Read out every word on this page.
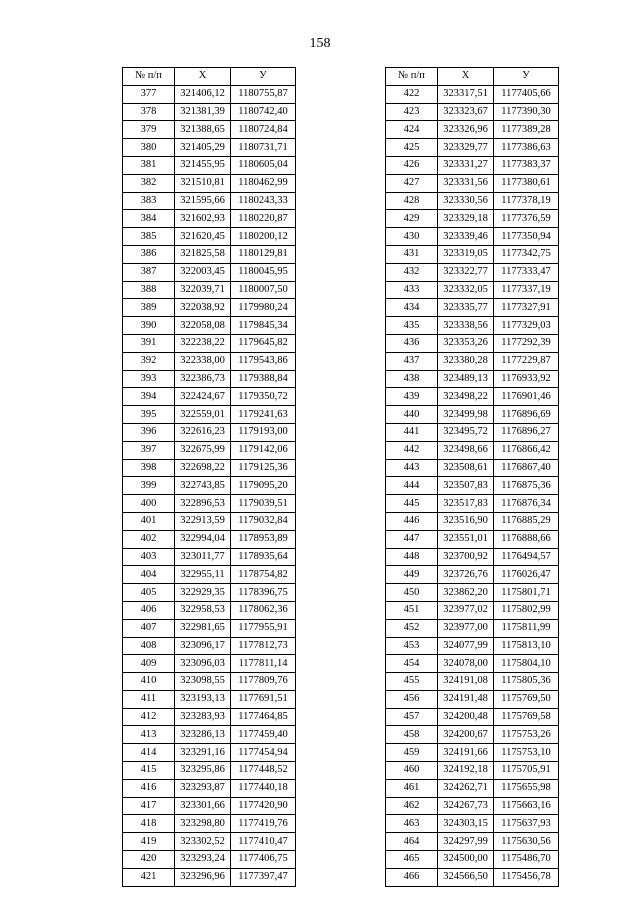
158
№ п/п	Х	У
377	321406,12	1180755,87
378	321381,39	1180742,40
379	321388,65	1180724,84
380	321405,29	1180731,71
381	321455,95	1180605,04
382	321510,81	1180462,99
383	321595,66	1180243,33
384	321602,93	1180220,87
385	321620,45	1180200,12
386	321825,58	1180129,81
387	322003,45	1180045,95
388	322039,71	1180007,50
389	322038,92	1179980,24
390	322058,08	1179845,34
391	322238,22	1179645,82
392	322338,00	1179543,86
393	322386,73	1179388,84
394	322424,67	1179350,72
395	322559,01	1179241,63
396	322616,23	1179193,00
397	322675,99	1179142,06
398	322698,22	1179125,36
399	322743,85	1179095,20
400	322896,53	1179039,51
401	322913,59	1179032,84
402	322994,04	1178953,89
403	323011,77	1178935,64
404	322955,11	1178754,82
405	322929,35	1178396,75
406	322958,53	1178062,36
407	322981,65	1177955,91
408	323096,17	1177812,73
409	323096,03	1177811,14
410	323098,55	1177809,76
411	323193,13	1177691,51
412	323283,93	1177464,85
413	323286,13	1177459,40
414	323291,16	1177454,94
415	323295,86	1177448,52
416	323293,87	1177440,18
417	323301,66	1177420,90
418	323298,80	1177419,76
419	323302,52	1177410,47
420	323293,24	1177406,75
421	323296,96	1177397,47
№ п/п	Х	У
422	323317,51	1177405,66
423	323323,67	1177390,30
424	323326,96	1177389,28
425	323329,77	1177386,63
426	323331,27	1177383,37
427	323331,56	1177380,61
428	323330,56	1177378,19
429	323329,18	1177376,59
430	323339,46	1177350,94
431	323319,05	1177342,75
432	323322,77	1177333,47
433	323332,05	1177337,19
434	323335,77	1177327,91
435	323338,56	1177329,03
436	323353,26	1177292,39
437	323380,28	1177229,87
438	323489,13	1176933,92
439	323498,22	1176901,46
440	323499,98	1176896,69
441	323495,72	1176896,27
442	323498,66	1176866,42
443	323508,61	1176867,40
444	323507,83	1176875,36
445	323517,83	1176876,34
446	323516,90	1176885,29
447	323551,01	1176888,66
448	323700,92	1176494,57
449	323726,76	1176026,47
450	323862,20	1175801,71
451	323977,02	1175802,99
452	323977,00	1175811,99
453	324077,99	1175813,10
454	324078,00	1175804,10
455	324191,08	1175805,36
456	324191,48	1175769,50
457	324200,48	1175769,58
458	324200,67	1175753,26
459	324191,66	1175753,10
460	324192,18	1175705,91
461	324262,71	1175655,98
462	324267,73	1175663,16
463	324303,15	1175637,93
464	324297,99	1175630,56
465	324500,00	1175486,70
466	324566,50	1175456,78
